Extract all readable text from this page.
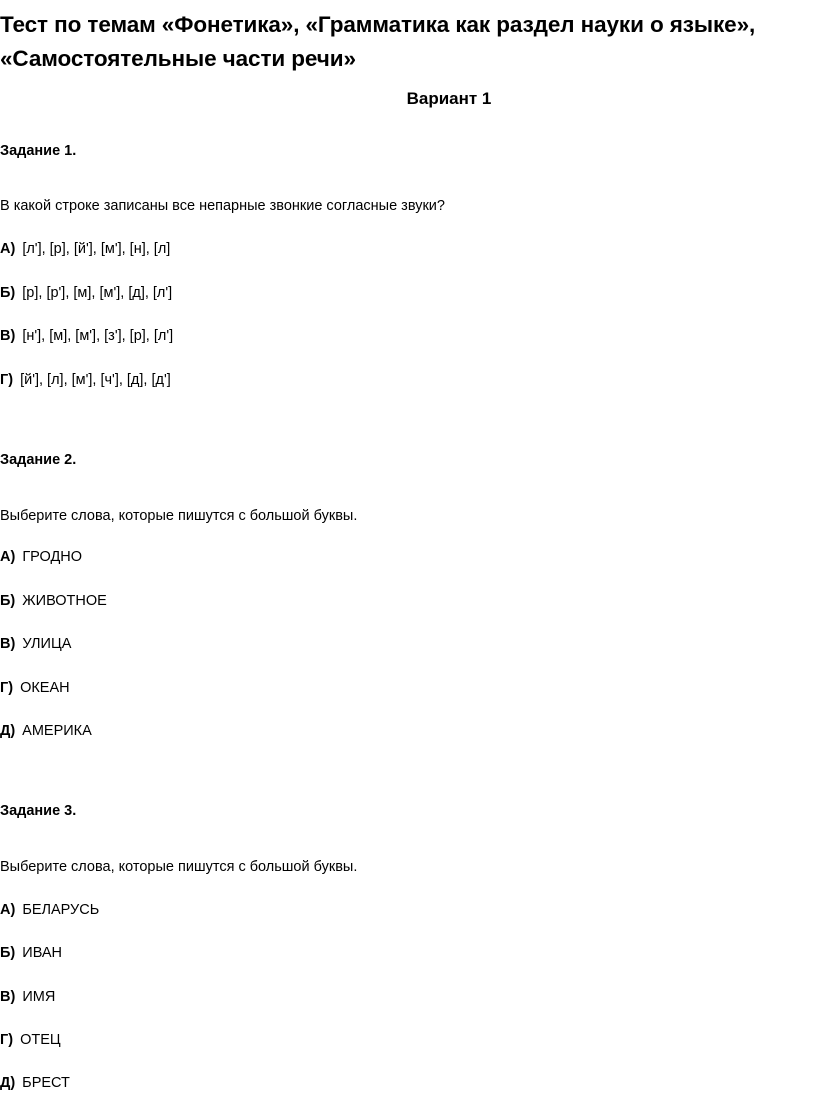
Тест по темам «Фонетика», «Грамматика как раздел науки о языке», «Самостоятельные части речи»
Вариант 1
Задание 1.
В какой строке записаны все непарные звонкие согласные звуки?
А) [л'], [р], [й'], [м'], [н], [л]
Б) [р], [р'], [м], [м'], [д], [л']
В) [н'], [м], [м'], [з'], [р], [л']
Г) [й'], [л], [м'], [ч'], [д], [д']
Задание 2.
Выберите слова, которые пишутся с большой буквы.
А) ГРОДНО
Б) ЖИВОТНОЕ
В) УЛИЦА
Г) ОКЕАН
Д) АМЕРИКА
Задание 3.
Выберите слова, которые пишутся с большой буквы.
А) БЕЛАРУСЬ
Б) ИВАН
В) ИМЯ
Г) ОТЕЦ
Д) БРЕСТ
